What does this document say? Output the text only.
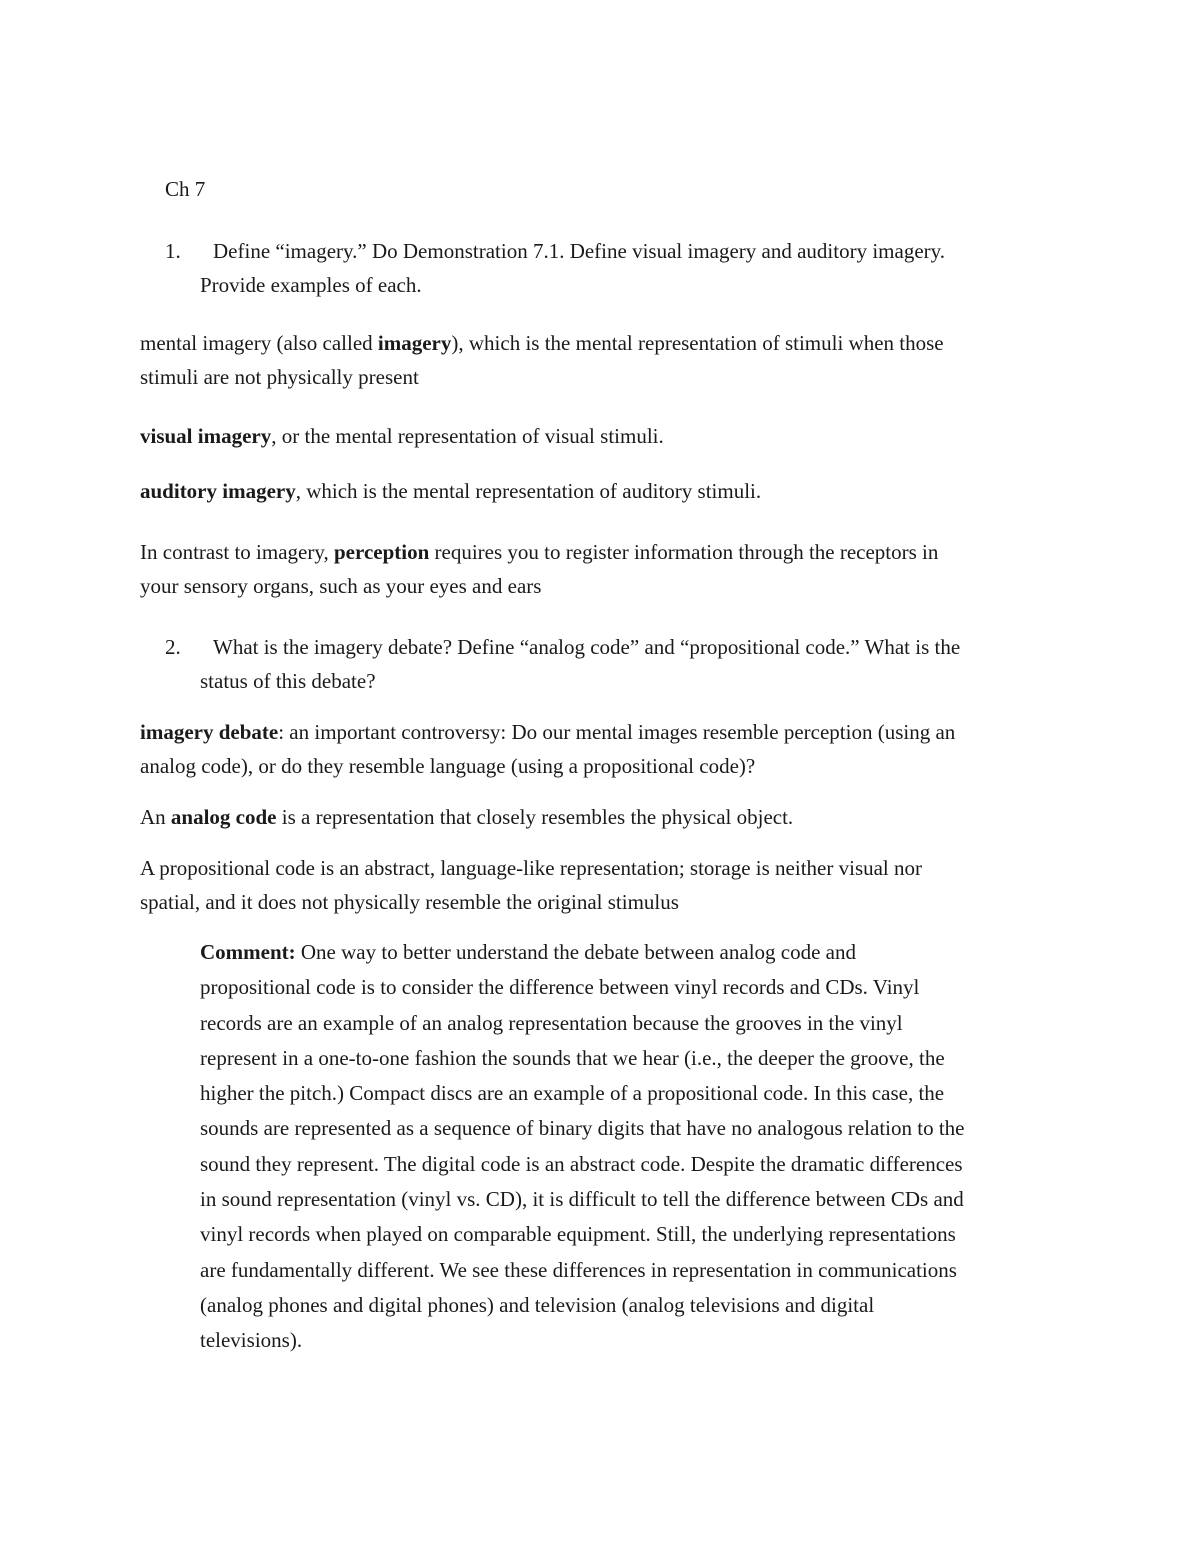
Ch 7
1.	Define “imagery.” Do Demonstration 7.1. Define visual imagery and auditory imagery.
Provide examples of each.
mental imagery (also called imagery), which is the mental representation of stimuli when those
stimuli are not physically present
visual imagery, or the mental representation of visual stimuli.
auditory imagery, which is the mental representation of auditory stimuli.
In contrast to imagery, perception requires you to register information through the receptors in
your sensory organs, such as your eyes and ears
2.	What is the imagery debate? Define “analog code” and “propositional code.” What is the
status of this debate?
imagery debate: an important controversy: Do our mental images resemble perception (using an
analog code), or do they resemble language (using a propositional code)?
An analog code is a representation that closely resembles the physical object.
A propositional code is an abstract, language-like representation; storage is neither visual nor
spatial, and it does not physically resemble the original stimulus
Comment: One way to better understand the debate between analog code and
propositional code is to consider the difference between vinyl records and CDs. Vinyl
records are an example of an analog representation because the grooves in the vinyl
represent in a one-to-one fashion the sounds that we hear (i.e., the deeper the groove, the
higher the pitch.) Compact discs are an example of a propositional code. In this case, the
sounds are represented as a sequence of binary digits that have no analogous relation to the
sound they represent. The digital code is an abstract code. Despite the dramatic differences
in sound representation (vinyl vs. CD), it is difficult to tell the difference between CDs and
vinyl records when played on comparable equipment. Still, the underlying representations
are fundamentally different. We see these differences in representation in communications
(analog phones and digital phones) and television (analog televisions and digital
televisions).
